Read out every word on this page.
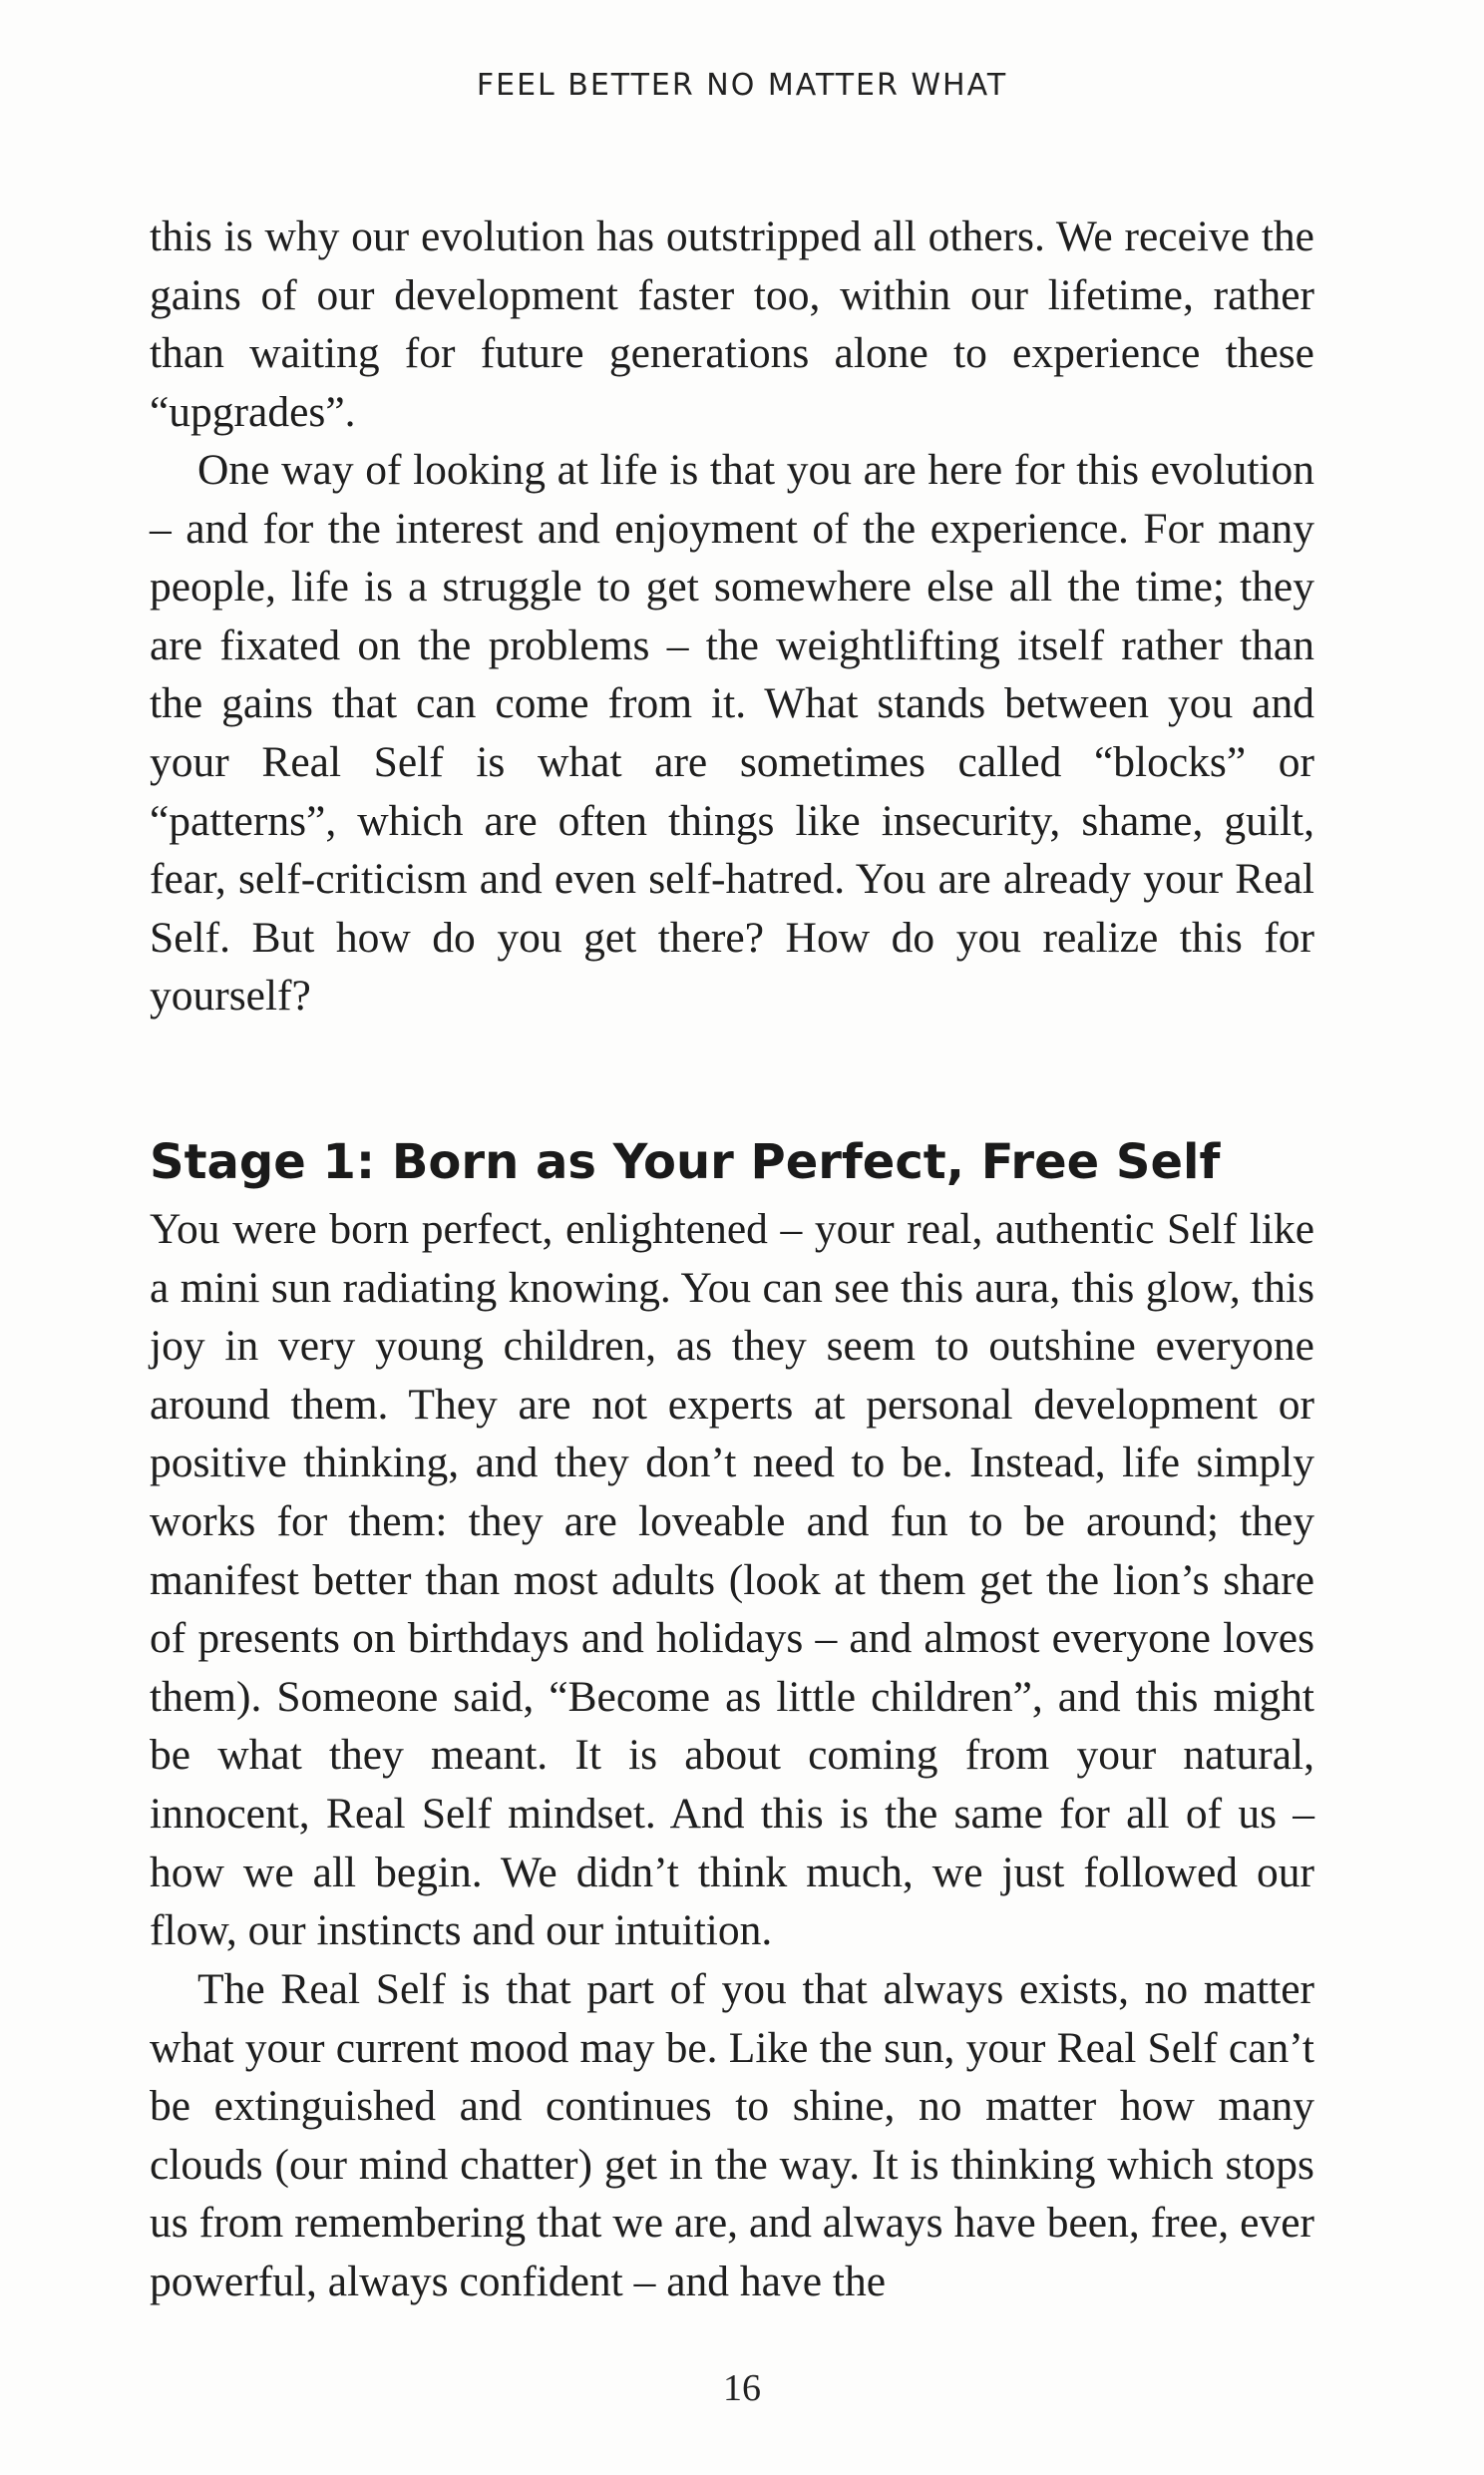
FEEL BETTER NO MATTER WHAT

this is why our evolution has outstripped all others. We receive the gains of our development faster too, within our lifetime, rather than waiting for future generations alone to experience these “upgrades”.

One way of looking at life is that you are here for this evolution – and for the interest and enjoyment of the experience. For many people, life is a struggle to get somewhere else all the time; they are fixated on the problems – the weightlifting itself rather than the gains that can come from it. What stands between you and your Real Self is what are sometimes called “blocks” or “patterns”, which are often things like insecurity, shame, guilt, fear, self-criticism and even self-hatred. You are already your Real Self. But how do you get there? How do you realize this for yourself?

Stage 1: Born as Your Perfect, Free Self

You were born perfect, enlightened – your real, authentic Self like a mini sun radiating knowing. You can see this aura, this glow, this joy in very young children, as they seem to outshine everyone around them. They are not experts at personal development or positive thinking, and they don’t need to be. Instead, life simply works for them: they are loveable and fun to be around; they manifest better than most adults (look at them get the lion’s share of presents on birthdays and holidays – and almost everyone loves them). Someone said, “Become as little children”, and this might be what they meant. It is about coming from your natural, innocent, Real Self mindset. And this is the same for all of us – how we all begin. We didn’t think much, we just followed our flow, our instincts and our intuition.

The Real Self is that part of you that always exists, no matter what your current mood may be. Like the sun, your Real Self can’t be extinguished and continues to shine, no matter how many clouds (our mind chatter) get in the way. It is thinking which stops us from remembering that we are, and always have been, free, ever powerful, always confident – and have the

16
